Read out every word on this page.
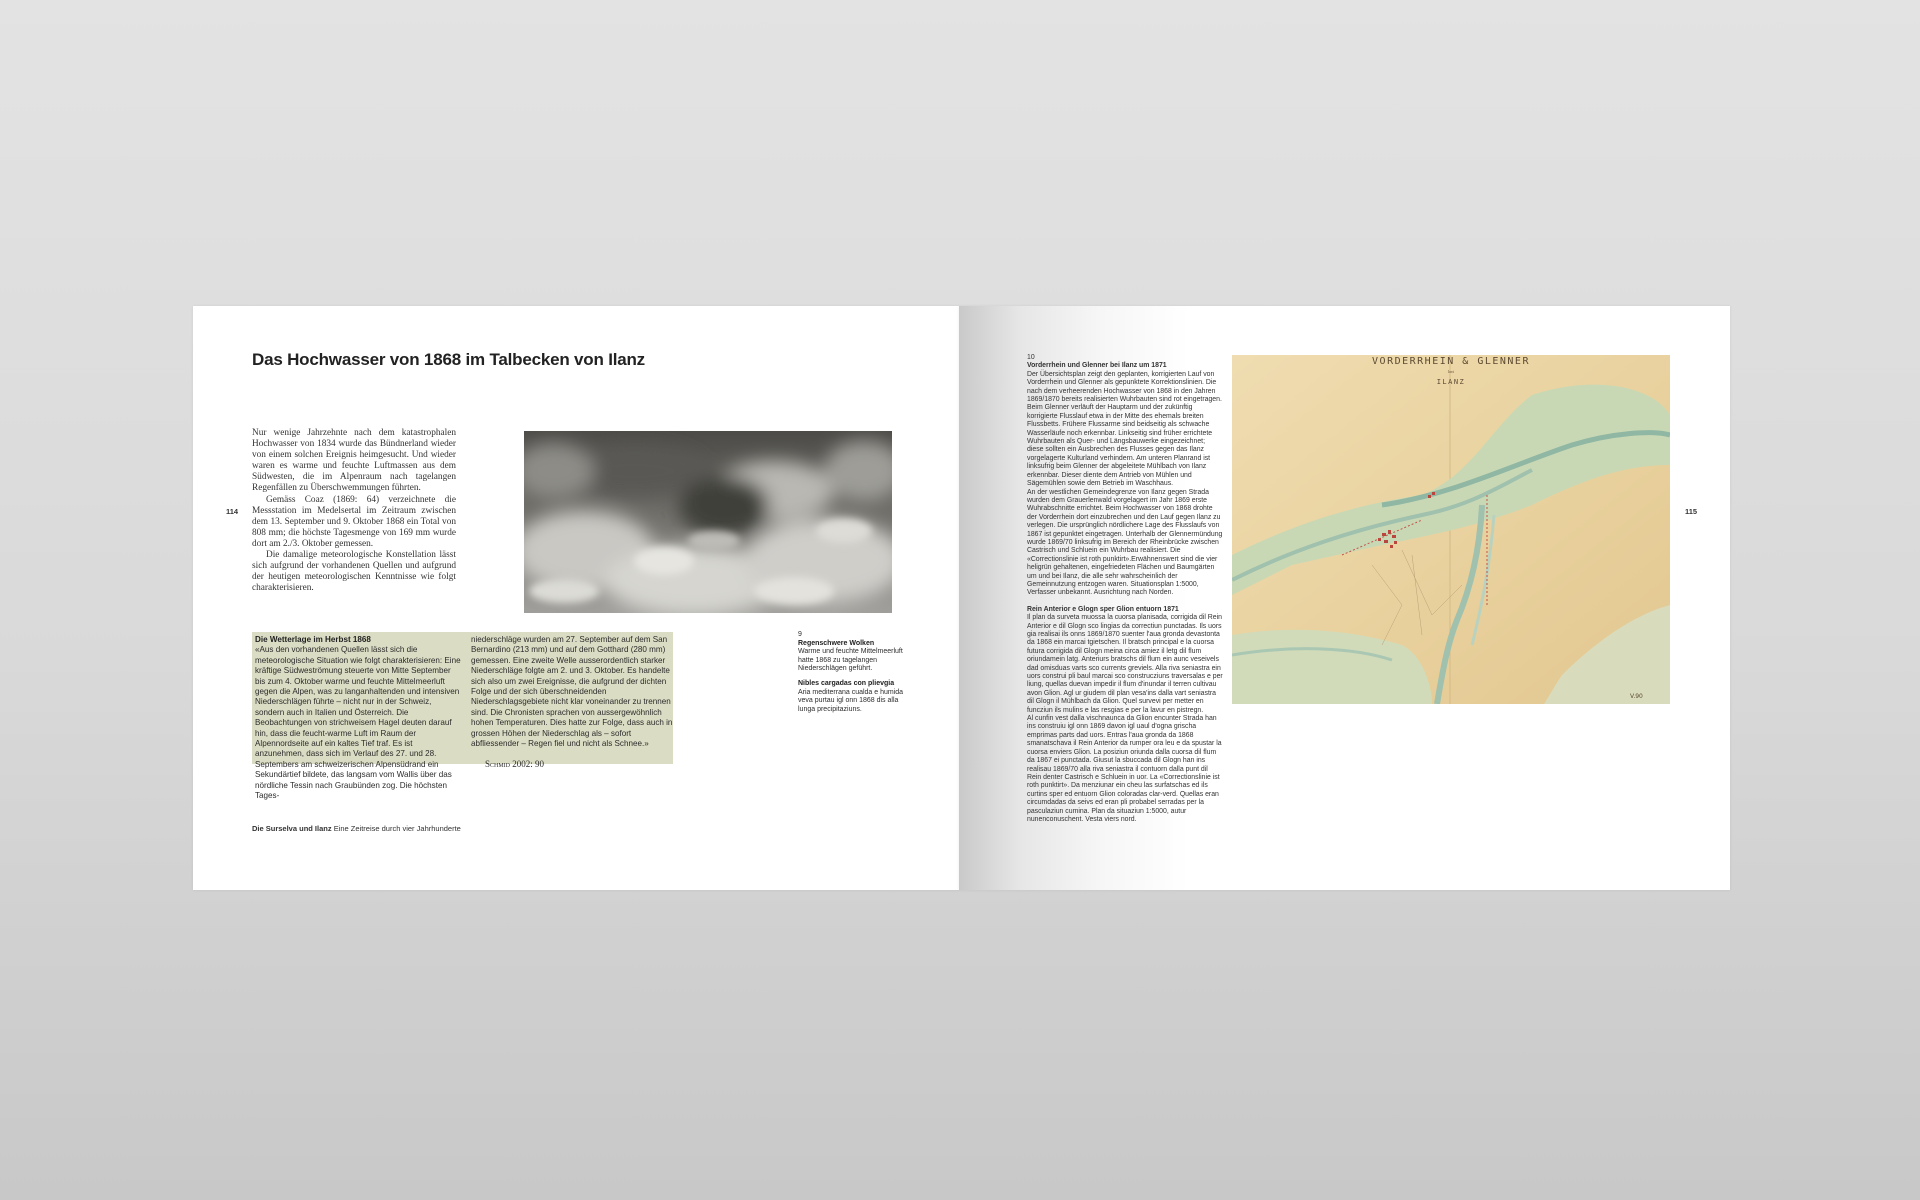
Das Hochwasser von 1868 im Talbecken von Ilanz
114

Nur wenige Jahrzehnte nach dem katastrophalen Hochwasser von 1834 wurde das Bündnerland wieder von einem solchen Ereignis heimgesucht. Und wieder waren es warme und feuchte Luftmassen aus dem Südwesten, die im Alpenraum nach tagelangen Regenfällen zu Überschwemmungen führten.

Gemäss Coaz (1869: 64) verzeichnete die Messstation im Medelsertal im Zeitraum zwischen dem 13. September und 9. Oktober 1868 ein Total von 808 mm; die höchste Tagesmenge von 169 mm wurde dort am 2./3. Oktober gemessen.

Die damalige meteorologische Konstellation lässt sich aufgrund der vorhandenen Quellen und aufgrund der heutigen meteorologischen Kenntnisse wie folgt charakterisieren.

Die Wetterlage im Herbst 1868
«Aus den vorhandenen Quellen lässt sich die meteorologische Situation wie folgt charakterisieren: Eine kräftige Südweströmung steuerte von Mitte September bis zum 4. Oktober warme und feuchte Mittelmeerluft gegen die Alpen, was zu langanhaltenden und intensiven Niederschlägen führte – nicht nur in der Schweiz, sondern auch in Italien und Österreich. Die Beobachtungen von strichweisem Hagel deuten darauf hin, dass die feucht-warme Luft im Raum der Alpennordseite auf ein kaltes Tief traf. Es ist anzunehmen, dass sich im Verlauf des 27. und 28. Septembers am schweizerischen Alpensüdrand ein Sekundärtief bildete, das langsam vom Wallis über das nördliche Tessin nach Graubünden zog. Die höchsten Tages-
niederschläge wurden am 27. September auf dem San Bernardino (213 mm) und auf dem Gotthard (280 mm) gemessen. Eine zweite Welle ausserordentlich starker Niederschläge folgte am 2. und 3. Oktober. Es handelte sich also um zwei Ereignisse, die aufgrund der dichten Folge und der sich überschneidenden Niederschlagsgebiete nicht klar voneinander zu trennen sind. Die Chronisten sprachen von aussergewöhnlich hohen Temperaturen. Dies hatte zur Folge, dass auch in grossen Höhen der Niederschlag als – sofort abfliessender – Regen fiel und nicht als Schnee.»
Schmid 2002: 90
9
Regenschwere Wolken
Warme und feuchte Mittelmeerluft hatte 1868 zu tagelangen Niederschlägen geführt.
Nibles cargadas con plievgia
Aria mediterrana cualda e humida veva purtau igl onn 1868 dis alla lunga precipitaziuns.
Die Surselva und Ilanz Eine Zeitreise durch vier Jahrhunderte

10

Vorderrhein und Glenner bei Ilanz um 1871

Der Übersichtsplan zeigt den geplanten, korrigierten Lauf von Vorderrhein und Glenner als gepunktete Korrektionslinien. Die nach dem verheerenden Hochwasser von 1868 in den Jahren 1869/1870 bereits realisierten Wuhrbauten sind rot eingetragen. Beim Glenner verläuft der Hauptarm und der zukünftig korrigierte Flusslauf etwa in der Mitte des ehemals breiten Flussbetts. Frühere Flussarme sind beidseitig als schwache Wasserläufe noch erkennbar. Linkseitig sind früher errichtete Wuhrbauten als Quer- und Längsbauwerke eingezeichnet; diese sollten ein Ausbrechen des Flusses gegen das Ilanz vorgelagerte Kulturland verhindern. Am unteren Planrand ist linksufrig beim Glenner der abgeleitete Mühlbach von Ilanz erkennbar. Dieser diente dem Antrieb von Mühlen und Sägemühlen sowie dem Betrieb im Waschhaus.

An der westlichen Gemeindegrenze von Ilanz gegen Strada wurden dem Grauerlenwald vorgelagert im Jahr 1869 erste Wuhrabschnitte errichtet. Beim Hochwasser von 1868 drohte der Vorderrhein dort einzubrechen und den Lauf gegen Ilanz zu verlegen. Die ursprünglich nördlichere Lage des Flusslaufs von 1867 ist gepunktet eingetragen. Unterhalb der Glennermündung wurde 1869/70 linksufrig im Bereich der Rheinbrücke zwischen Castrisch und Schluein ein Wuhrbau realisiert. Die «Correctionslinie ist roth punktirt».Erwähnenswert sind die vier heligrün gehaltenen, eingefriedeten Flächen und Baumgärten um und bei Ilanz, die alle sehr wahrscheinlich der Gemeinnutzung entzogen waren. Situationsplan 1:5000, Verfasser unbekannt. Ausrichtung nach Norden.

Rein Anterior e Glogn sper Glion entuorn 1871

Il plan da surveta muossa la cuorsa planisada, corrigida dil Rein Anterior e dil Glogn sco lingias da correctiun punctadas. Ils uors gia realisai ils onns 1869/1870 suenter l'aua gronda devastonta da 1868 ein marcai tgietschen. Il bratsch principal e la cuorsa futura corrigida dil Glogn meina circa amiez il letg dil flum oriundamein latg. Anteriurs bratschs dil flum ein aunc veseivels dad omisduas varts sco currents greviels. Alla riva seniastra ein uors construi pli baul marcai sco construcziuns traversalas e per liung, quellas duevan impedir il flum d'inundar il terren cultivau avon Glion. Agl ur giudem dil plan vesa'ins dalla vart seniastra dil Glogn il Mühlbach da Glion. Quel survevi per metter en funcziun ils mulins e las resgias e per la lavur en pistregn.

Al cunfin vest dalla vischnaunca da Glion encunter Strada han ins construiu igl onn 1869 davon igl uaul d'ogna grischa emprimas parts dad uors. Entras l'aua gronda da 1868 smanatschava il Rein Anterior da rumper ora leu e da spustar la cuorsa enviers Glion. La posiziun oriunda dalla cuorsa dil flum da 1867 ei punctada. Giusut la sbuccada dil Glogn han ins realisau 1869/70 alla riva seniastra il contuorn dalla punt dil Rein denter Castrisch e Schluein in uor. La «Correctionslinie ist roth punktirt». Da menziunar ein cheu las surfatschas ed ils curtins sper ed entuorn Glion coloradas clar-verd. Quellas eran circumdadas da seivs ed eran pli probabel serradas per la pasculaziun cumina. Plan da situaziun 1:5000, autur nunenconuschent. Vesta viers nord.

VORDERRHEIN & GLENNER
bei
ILANZ
V.90
115
